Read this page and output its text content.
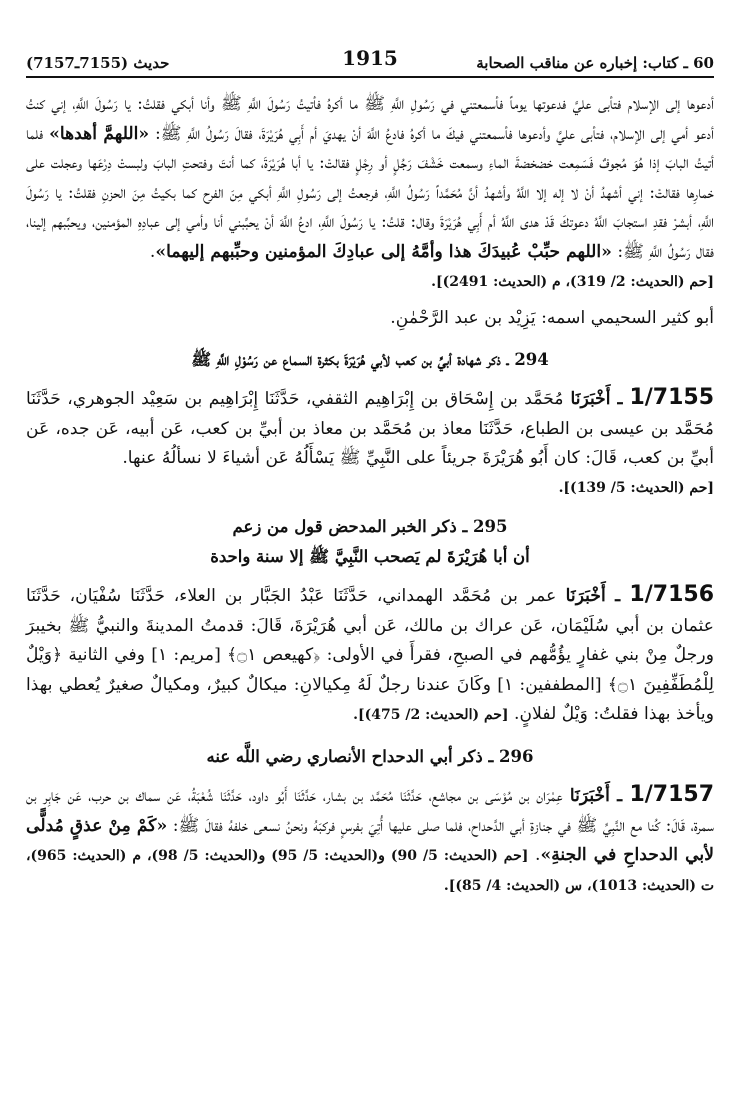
حديث (7155ـ7157)	60 ـ كتاب: إخباره عن مناقب الصحابة
1915

أدعوها إلى الإسلام فتأبى عليَّ فدعوتها يوماً فأسمعتني في رَسُولِ اللَّهِ ﷺ ما أكرهُ فأتيتُ رَسُولَ اللَّهِ ﷺ وأنا أبكي فقلتُ: يا رَسُولَ اللَّهِ، إني كنتُ أدعو أمي إلى الإسلام، فتأبى عليَّ وأدعوها فأسمعتني فيكَ ما أكرهُ فادعُ اللَّهَ أنْ يهديَ أم أَبِي هُرَيْرَةَ، فقالَ رَسُولُ اللَّهِ ﷺ: «اللهمَّ أهدها» فلما أتيتُ البابَ إذا هُوَ مُجوفٌ فَسَمِعت خضخضةَ الماءِ وسمعت خَشْفَ رَجُلٍ أو رِجْلٍ فقالتْ: يا أبا هُرَيْرَةَ، كما أنتَ وفتحتِ البابَ ولبستْ دِرْعَها وعجلت على خمارِها فقالتْ: إني أشهدُ أنْ لا إله إلا اللَّهُ وأشهدُ أنَّ مُحَمَّداً رَسُولُ اللَّهِ، فرجعتُ إلى رَسُولِ اللَّهِ أبكي مِنَ الفرح كما بكيتُ مِنَ الحزنِ فقلتُ: يا رَسُولَ اللَّهِ، أبشرْ فقدِ استجابَ اللَّهُ دعوتكَ قَدْ هدى اللَّهُ أم أَبِي هُرَيْرَةَ وقال: قلتُ: يا رَسُولَ اللَّهِ، ادعُ اللَّهَ أنْ يحبِّبني أنا وأمي إلى عبادِهِ المؤمنين، ويحبِّبهم إلينا، فقال رَسُولُ اللَّهِ ﷺ: «اللهم حبِّبْ عُبيدَكَ هذا وأمَّهُ إلى عبادِكَ المؤمنين وحبِّبهم إليهما».

[حم (الحديث: 2/ 319)، م (الحديث: 2491)].

أبو كثير السحيمي اسمه: يَزِيْد بن عبد الرَّحْمٰنِ.

294 ـ ذكر شهادة أبيِّ بن كعب لأبي هُرَيْرَةَ بكثرة السماع عن رَسُوْلِ اللَّهِ ﷺ

1/7155 ـ أَخْبَرَنَا مُحَمَّد بن إِسْحَاق بن إِبْرَاهِيم الثقفي، حَدَّثَنَا إِبْرَاهِيم بن سَعِيْد الجوهري، حَدَّثَنَا مُحَمَّد بن عيسى بن الطباع، حَدَّثَنَا معاذ بن مُحَمَّد بن معاذ بن أبيِّ بن كعب، عَن أبيه، عَن جده، عَن أبيِّ بن كعب، قَالَ: كان أَبُو هُرَيْرَةَ جريئاً على النَّبِيِّ ﷺ يَسْأَلُهُ عَن أشياءَ لا نسألُهُ عنها.

[حم (الحديث: 5/ 139)].
295 ـ ذكر الخبر المدحض قول من زعم
أن أبا هُرَيْرَةَ لم يَصحب النَّبِيَّ ﷺ إلا سنة واحدة

1/7156 ـ أَخْبَرَنَا عمر بن مُحَمَّد الهمداني، حَدَّثَنَا عَبْدُ الجَبَّار بن العلاء، حَدَّثَنَا سُفْيَان، حَدَّثَنَا عثمان بن أبي سُلَيْمَان، عَن عراك بن مالك، عَن أبي هُرَيْرَةَ، قَالَ: قدمتُ المدينةَ والنبيُّ ﷺ بخيبرَ ورجلٌ مِنْ بني غفارٍ يؤُمُّهم في الصبحِ، فقرأَ في الأولى: ﴿كهيعص ۝١﴾ [مريم: ١] وفي الثانية ﴿وَيْلٌ لِلْمُطَفِّفِينَ ۝١﴾ [المطففين: ١] وكَانَ عندنا رجلٌ لَهُ مِكيالانِ: ميكالٌ كبيرٌ، ومكيالٌ صغيرٌ يُعطي بهذا ويأخذ بهذا فقلتُ: وَيْلٌ لفلانٍ. [حم (الحديث: 2/ 475)].

296 ـ ذكر أبي الدحداح الأنصاري رضي اللَّه عنه

1/7157 ـ أَخْبَرَنَا عِمْرَان بن مُوْسَى بن مجاشع، حَدَّثَنَا مُحَمَّد بن بشار، حَدَّثَنَا أَبُو داود، حَدَّثَنَا شُعْبَةُ، عَن سماك بن حرب، عَن جَابِر بن سمرة، قَالَ: كُنا مع النَّبِيِّ ﷺ في جنازةِ أبي الدَّحداح، فلما صلى عليها أُتِيَ بفرسٍ فركبَهُ ونحنُ نسعى خلفهُ فقالَ ﷺ: «كَمْ مِنْ عذقٍ مُدلًّى لأبي الدحداحِ في الجنةِ». [حم (الحديث: 5/ 90) و(الحديث: 5/ 95) و(الحديث: 5/ 98)، م (الحديث: 965)، ت (الحديث: 1013)، س (الحديث: 4/ 85)].
